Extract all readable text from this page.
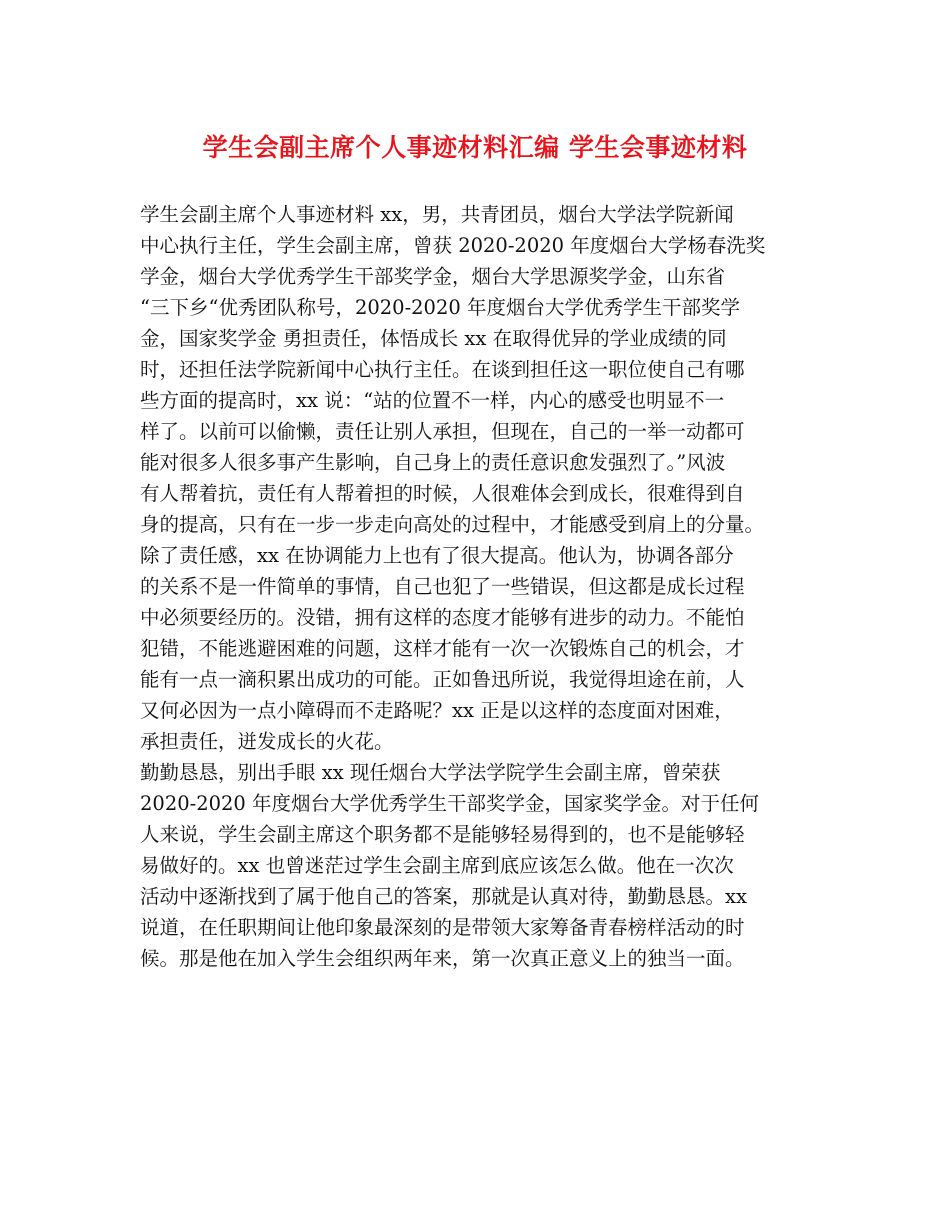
学生会副主席个人事迹材料汇编 学生会事迹材料
学生会副主席个人事迹材料 xx，男，共青团员，烟台大学法学院新闻
中心执行主任，学生会副主席，曾获 2020-2020 年度烟台大学杨春洗奖
学金，烟台大学优秀学生干部奖学金，烟台大学思源奖学金，山东省
“三下乡“优秀团队称号，2020-2020 年度烟台大学优秀学生干部奖学
金，国家奖学金 勇担责任，体悟成长 xx 在取得优异的学业成绩的同
时，还担任法学院新闻中心执行主任。在谈到担任这一职位使自己有哪
些方面的提高时，xx 说：“站的位置不一样，内心的感受也明显不一
样了。以前可以偷懒，责任让别人承担，但现在，自己的一举一动都可
能对很多人很多事产生影响，自己身上的责任意识愈发强烈了。”风波
有人帮着抗，责任有人帮着担的时候，人很难体会到成长，很难得到自
身的提高，只有在一步一步走向高处的过程中，才能感受到肩上的分量。
除了责任感，xx 在协调能力上也有了很大提高。他认为，协调各部分
的关系不是一件简单的事情，自己也犯了一些错误，但这都是成长过程
中必须要经历的。没错，拥有这样的态度才能够有进步的动力。不能怕
犯错，不能逃避困难的问题，这样才能有一次一次锻炼自己的机会，才
能有一点一滴积累出成功的可能。正如鲁迅所说，我觉得坦途在前，人
又何必因为一点小障碍而不走路呢？xx 正是以这样的态度面对困难，
承担责任，迸发成长的火花。
勤勤恳恳，别出手眼 xx 现任烟台大学法学院学生会副主席，曾荣获
2020-2020 年度烟台大学优秀学生干部奖学金，国家奖学金。对于任何
人来说，学生会副主席这个职务都不是能够轻易得到的，也不是能够轻
易做好的。xx 也曾迷茫过学生会副主席到底应该怎么做。他在一次次
活动中逐渐找到了属于他自己的答案，那就是认真对待，勤勤恳恳。xx
说道，在任职期间让他印象最深刻的是带领大家筹备青春榜样活动的时
候。那是他在加入学生会组织两年来，第一次真正意义上的独当一面。
